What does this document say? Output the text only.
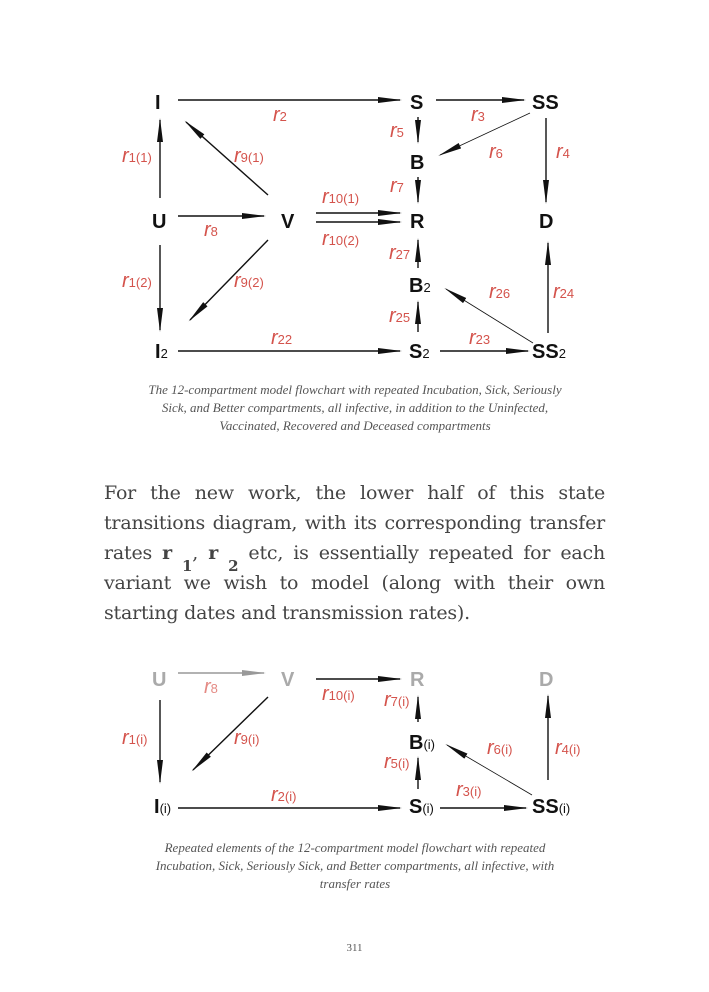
I	S	SS
B
U	V	R	D
B2
I2	S2	SS2
r2
r5
r3
r6	r4
r1(1)	r9(1)
r10(1)
r7
r8	r10(2)
r27
r1(2)	r9(2)	r26 r24
r25
r22	r23
U	V	R	D
B(i)
I(i)	S(i)	SS(i)
r8	r10(i) r7(i)
r1(i)	r9(i)	r6(i) r4(i)
r5(i)
r2(i)	r3(i)
The 12-compartment model flowchart with repeated Incubation, Sick, Seriously
Sick, and Better compartments, all infective, in addition to the Uninfected,
Vaccinated, Recovered and Deceased compartments
For the new work, the lower half of this state transitions diagram, with its corresponding transfer rates r $_1$, r $_2$ etc, is essentially repeated for each variant we wish to model (along with their own starting dates and transmission rates).
Repeated elements of the 12-compartment model flowchart with repeated
Incubation, Sick, Seriously Sick, and Better compartments, all infective, with
transfer rates
311
